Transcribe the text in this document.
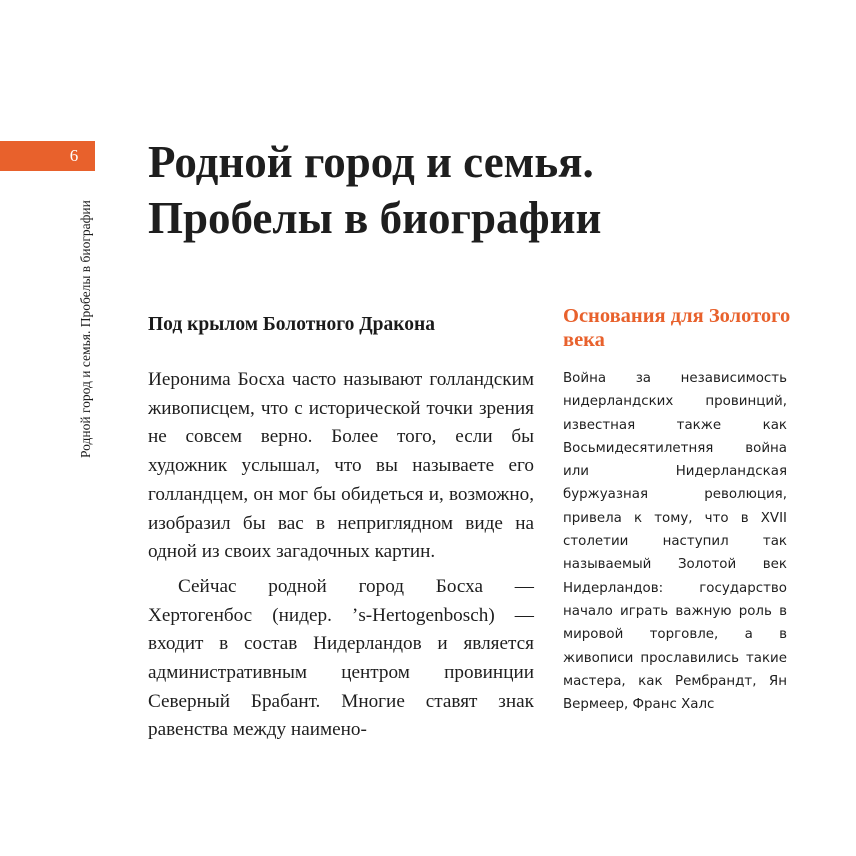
6
Родной город и семья. Пробелы в биографии
Родной город и семья.
Пробелы в биографии
Под крылом Болотного Дракона

Иеронима Босха часто называют голландским живописцем, что с исторической точки зрения не совсем верно. Более того, если бы художник услышал, что вы называете его голландцем, он мог бы обидеться и, возможно, изобразил бы вас в неприглядном виде на одной из своих загадочных картин.

Сейчас родной город Босха — Хертогенбос (нидер. ’s-Hertogenbosch) — входит в состав Нидерландов и является административным центром провинции Северный Брабант. Многие ставят знак равенства между наимено-

Основания для Золотого века

Война за независимость нидерландских провинций, известная также как Восьмидесятилетняя война или Нидерландская буржуазная революция, привела к тому, что в XVII столетии наступил так называемый Золотой век Нидерландов: государство начало играть важную роль в мировой торговле, а в живописи прославились такие мастера, как Рембрандт, Ян Вермеер, Франс Халс
